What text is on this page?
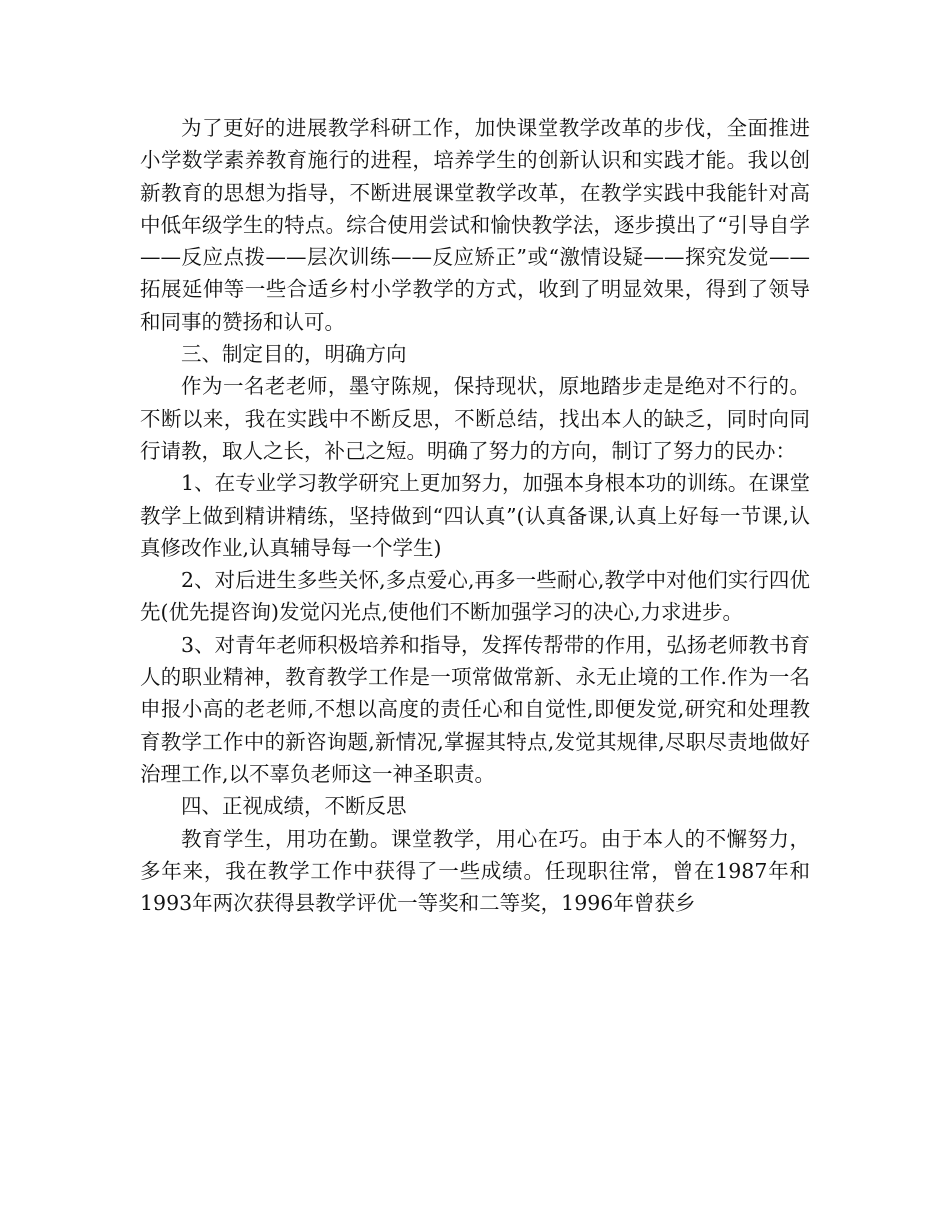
为了更好的进展教学科研工作，加快课堂教学改革的步伐，全面推进小学数学素养教育施行的进程，培养学生的创新认识和实践才能。我以创新教育的思想为指导，不断进展课堂教学改革，在教学实践中我能针对高中低年级学生的特点。综合使用尝试和愉快教学法，逐步摸出了“引导自学——反应点拨——层次训练——反应矫正”或“激情设疑——探究发觉——拓展延伸等一些合适乡村小学教学的方式，收到了明显效果，得到了领导和同事的赞扬和认可。

三、制定目的，明确方向

作为一名老老师，墨守陈规，保持现状，原地踏步走是绝对不行的。不断以来，我在实践中不断反思，不断总结，找出本人的缺乏，同时向同行请教，取人之长，补己之短。明确了努力的方向，制订了努力的民办：

1、在专业学习教学研究上更加努力，加强本身根本功的训练。在课堂教学上做到精讲精练，坚持做到“四认真”(认真备课,认真上好每一节课,认真修改作业,认真辅导每一个学生)

2、对后进生多些关怀,多点爱心,再多一些耐心,教学中对他们实行四优先(优先提咨询)发觉闪光点,使他们不断加强学习的决心,力求进步。

3、对青年老师积极培养和指导，发挥传帮带的作用，弘扬老师教书育人的职业精神，教育教学工作是一项常做常新、永无止境的工作.作为一名申报小高的老老师,不想以高度的责任心和自觉性,即便发觉,研究和处理教育教学工作中的新咨询题,新情况,掌握其特点,发觉其规律,尽职尽责地做好治理工作,以不辜负老师这一神圣职责。

四、正视成绩，不断反思

教育学生，用功在勤。课堂教学，用心在巧。由于本人的不懈努力，多年来，我在教学工作中获得了一些成绩。任现职往常，曾在1987年和1993年两次获得县教学评优一等奖和二等奖，1996年曾获乡
